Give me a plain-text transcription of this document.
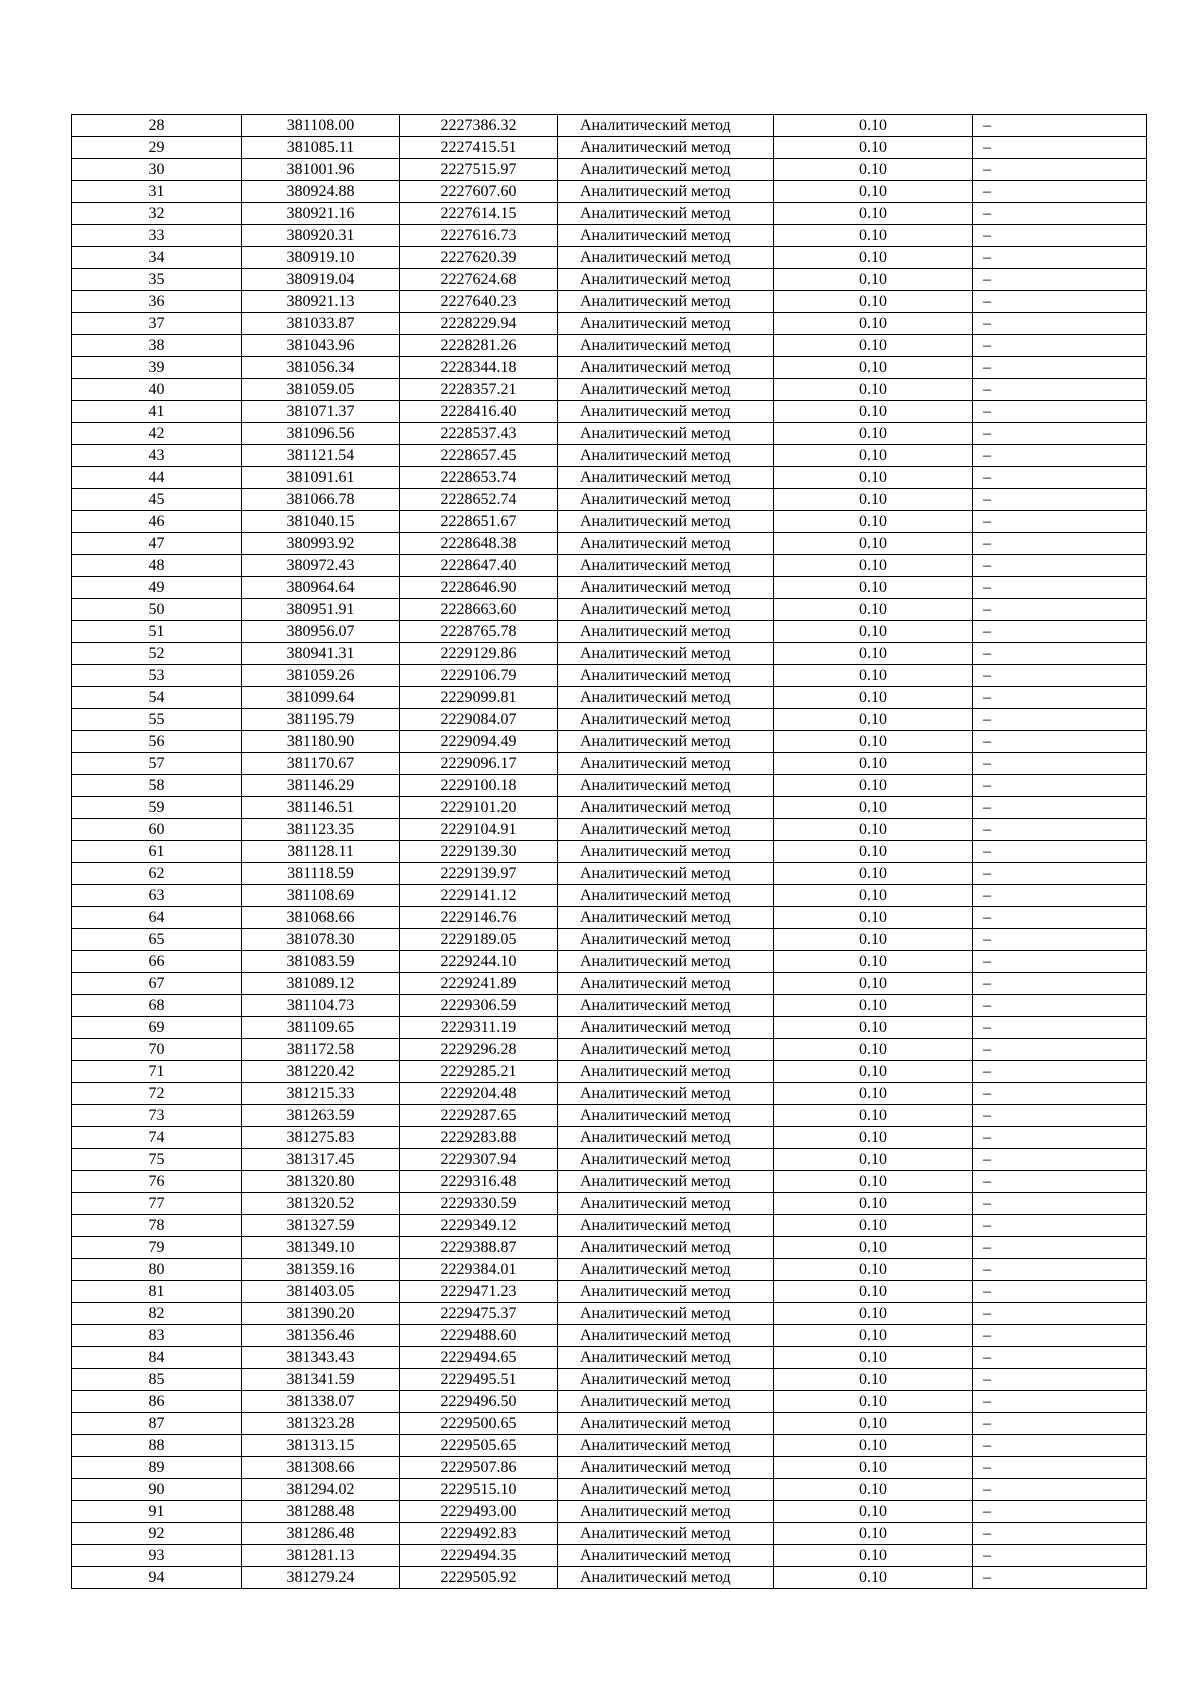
28	381108.00	2227386.32	Аналитический метод	0.10	–
29	381085.11	2227415.51	Аналитический метод	0.10	–
30	381001.96	2227515.97	Аналитический метод	0.10	–
31	380924.88	2227607.60	Аналитический метод	0.10	–
32	380921.16	2227614.15	Аналитический метод	0.10	–
33	380920.31	2227616.73	Аналитический метод	0.10	–
34	380919.10	2227620.39	Аналитический метод	0.10	–
35	380919.04	2227624.68	Аналитический метод	0.10	–
36	380921.13	2227640.23	Аналитический метод	0.10	–
37	381033.87	2228229.94	Аналитический метод	0.10	–
38	381043.96	2228281.26	Аналитический метод	0.10	–
39	381056.34	2228344.18	Аналитический метод	0.10	–
40	381059.05	2228357.21	Аналитический метод	0.10	–
41	381071.37	2228416.40	Аналитический метод	0.10	–
42	381096.56	2228537.43	Аналитический метод	0.10	–
43	381121.54	2228657.45	Аналитический метод	0.10	–
44	381091.61	2228653.74	Аналитический метод	0.10	–
45	381066.78	2228652.74	Аналитический метод	0.10	–
46	381040.15	2228651.67	Аналитический метод	0.10	–
47	380993.92	2228648.38	Аналитический метод	0.10	–
48	380972.43	2228647.40	Аналитический метод	0.10	–
49	380964.64	2228646.90	Аналитический метод	0.10	–
50	380951.91	2228663.60	Аналитический метод	0.10	–
51	380956.07	2228765.78	Аналитический метод	0.10	–
52	380941.31	2229129.86	Аналитический метод	0.10	–
53	381059.26	2229106.79	Аналитический метод	0.10	–
54	381099.64	2229099.81	Аналитический метод	0.10	–
55	381195.79	2229084.07	Аналитический метод	0.10	–
56	381180.90	2229094.49	Аналитический метод	0.10	–
57	381170.67	2229096.17	Аналитический метод	0.10	–
58	381146.29	2229100.18	Аналитический метод	0.10	–
59	381146.51	2229101.20	Аналитический метод	0.10	–
60	381123.35	2229104.91	Аналитический метод	0.10	–
61	381128.11	2229139.30	Аналитический метод	0.10	–
62	381118.59	2229139.97	Аналитический метод	0.10	–
63	381108.69	2229141.12	Аналитический метод	0.10	–
64	381068.66	2229146.76	Аналитический метод	0.10	–
65	381078.30	2229189.05	Аналитический метод	0.10	–
66	381083.59	2229244.10	Аналитический метод	0.10	–
67	381089.12	2229241.89	Аналитический метод	0.10	–
68	381104.73	2229306.59	Аналитический метод	0.10	–
69	381109.65	2229311.19	Аналитический метод	0.10	–
70	381172.58	2229296.28	Аналитический метод	0.10	–
71	381220.42	2229285.21	Аналитический метод	0.10	–
72	381215.33	2229204.48	Аналитический метод	0.10	–
73	381263.59	2229287.65	Аналитический метод	0.10	–
74	381275.83	2229283.88	Аналитический метод	0.10	–
75	381317.45	2229307.94	Аналитический метод	0.10	–
76	381320.80	2229316.48	Аналитический метод	0.10	–
77	381320.52	2229330.59	Аналитический метод	0.10	–
78	381327.59	2229349.12	Аналитический метод	0.10	–
79	381349.10	2229388.87	Аналитический метод	0.10	–
80	381359.16	2229384.01	Аналитический метод	0.10	–
81	381403.05	2229471.23	Аналитический метод	0.10	–
82	381390.20	2229475.37	Аналитический метод	0.10	–
83	381356.46	2229488.60	Аналитический метод	0.10	–
84	381343.43	2229494.65	Аналитический метод	0.10	–
85	381341.59	2229495.51	Аналитический метод	0.10	–
86	381338.07	2229496.50	Аналитический метод	0.10	–
87	381323.28	2229500.65	Аналитический метод	0.10	–
88	381313.15	2229505.65	Аналитический метод	0.10	–
89	381308.66	2229507.86	Аналитический метод	0.10	–
90	381294.02	2229515.10	Аналитический метод	0.10	–
91	381288.48	2229493.00	Аналитический метод	0.10	–
92	381286.48	2229492.83	Аналитический метод	0.10	–
93	381281.13	2229494.35	Аналитический метод	0.10	–
94	381279.24	2229505.92	Аналитический метод	0.10	–
